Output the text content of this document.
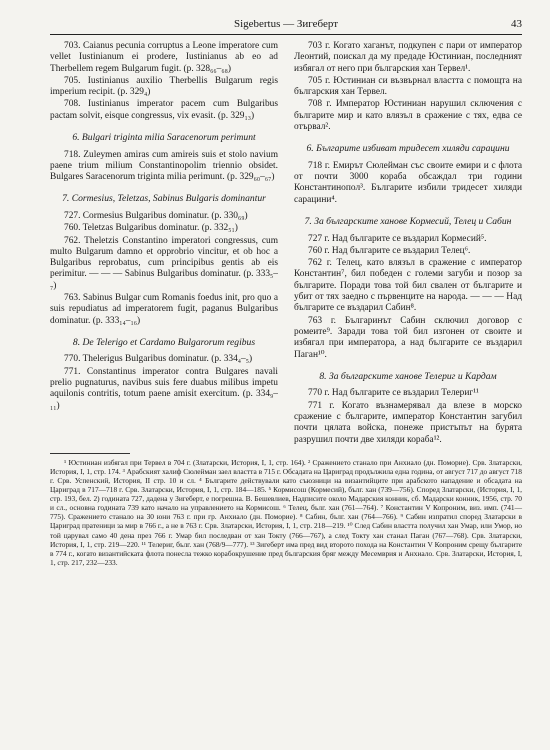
Sigebertus — Зигеберт	43

703. Caianus pecunia corruptus a Leone imperatore cum vellet Iustinianum ei prodere, Iustinianus ab eo ad Therbellem regem Bulgarum fugit. (p. 328₆₆–₆₈)

705. Iustinianus auxilio Therbellis Bulgarum regis imperium recipit. (p. 329₄)

708. Iustinianus imperator pacem cum Bulgaribus pactam solvit, eisque congressus, vix evasit. (p. 329₁₃)

6. Bulgari triginta milia Saracenorum perimunt

718. Zuleymen amiras cum amireis suis et stolo navium paene trium milium Constantinopolim triennio obsidet. Bulgares Saracenorum triginta milia perimunt. (p. 329₆₀–₆₇)

7. Cormesius, Teletzas, Sabinus Bulgaris dominantur

727. Cormesius Bulgaribus dominatur. (p. 330₆₉)

760. Teletzas Bulgaribus dominatur. (p. 332₅₁)

762. Theletzis Constantino imperatori congressus, cum multo Bulgarum damno et opprobrio vincitur, et ob hoc a Bulgaribus reprobatus, cum principibus gentis ab eis perimitur. — — — Sabinus Bulgaribus dominatur. (p. 333₅–₇)

763. Sabinus Bulgar cum Romanis foedus init, pro quo a suis repudiatus ad imperatorem fugit, paganus Bulgaribus dominatur. (p. 333₁₄–₁₆)

8. De Telerigo et Cardamo Bulgarorum regibus

770. Thelerigus Bulgaribus dominatur. (p. 334₄–₅)

771. Constantinus imperator contra Bulgares navali prelio pugnaturus, navibus suis fere duabus milibus impetu aquilonis contritis, totum paene amisit exercitum. (p. 334₉–₁₁)

703 г. Когато хаганът, подкупен с пари от император Леонтий, поискал да му предаде Юстиниан, последният избягал от него при българския хан Тервел¹.

705 г. Юстиниан си възвърнал властта с помощта на българския хан Тервел.

708 г. Император Юстиниан нарушил сключения с българите мир и като влязъл в сражение с тях, едва се отървал².

6. Българите избиват тридесет хиляди сарацини

718 г. Емирът Сюлейман със своите емири и с флота от почти 3000 кораба обсаждал три години Константинопол³. Българите избили тридесет хиляди сарацини⁴.

7. За българските ханове Кормесий, Телец и Сабин

727 г. Над българите се въздарил Кормесий⁵.

760 г. Над българите се въздарил Телец⁶.

762 г. Телец, като влязъл в сражение с император Константин⁷, бил победен с големи загуби и позор за българите. Поради това той бил свален от българите и убит от тях заедно с първенците на народа. — — — Над българите се въздарил Сабин⁸.

763 г. Българинът Сабин сключил договор с ромеите⁹. Заради това той бил изгонен от своите и избягал при императора, а над българите се въздарил Паган¹⁰.

8. За българските ханове Телериг и Кардам

770 г. Над българите се въздарил Телериг¹¹

771 г. Когато възнамерявал да влезе в морско сражение с българите, император Константин загубил почти цялата войска, понеже пристъпът на бурята разрушил почти две хиляди кораба¹².

¹ Юстиниан избягал при Тервел в 704 г. (Златарски, История, I, 1, стр. 164). ² Сражението станало при Анхиало (дн. Поморие). Срв. Златарски, История, I, 1, стр. 174. ³ Арабският халиф Сюлейман заел властта в 715 г. Обсадата на Цариград продължила една година, от август 717 до август 718 г. Срв. Успенский, История, II стр. 10 и сл. ⁴ Българите действували като съюзници на византийците при арабското нападение и обсадата на Цариград в 717—718 г. Срв. Златарски, История, I, 1, стр. 184—185. ⁵ Кормисош (Кормесий), бълг. хан (739—756). Според Златарски, (История, I, 1, стр. 193, бел. 2) годината 727, дадена у Зигеберт, е погрешна. В. Бешевлиев, Надписите около Мадарския конник, сб. Мадарски конник, 1956, стр. 70 и сл., основна годината 739 като начало на управлението на Кормисош. ⁶ Телец, бълг. хан (761—764). ⁷ Константин V Копроним, виз. имп. (741—775). Сражението станало на 30 юни 763 г. при гр. Анхиало (дн. Поморие). ⁸ Сабин, бълг. хан (764—766). ⁹ Сабин изпратил според Златарски в Цариград пратеници за мир в 766 г., а не в 763 г. Срв. Златарски, История, I, 1, стр. 218—219. ¹⁰ След Сабин властта получил хан Умар, или Умор, но той царувал само 40 дена през 766 г. Умар бил последван от хан Токту (766—767), а след Токту хан станал Паган (767—768). Срв. Златарски, История, I, 1, стр. 219—220. ¹¹ Телериг, бълг. хан (768/9—777). ¹³ Зигеберт има пред вид второто похода на Константин V Копроним срещу българите в 774 г., когато византийската флота понесла тежко корабокрушение пред българския бряг между Месемврия и Анхиало. Срв. Златарски, История, I, 1, стр. 217, 232—233.
